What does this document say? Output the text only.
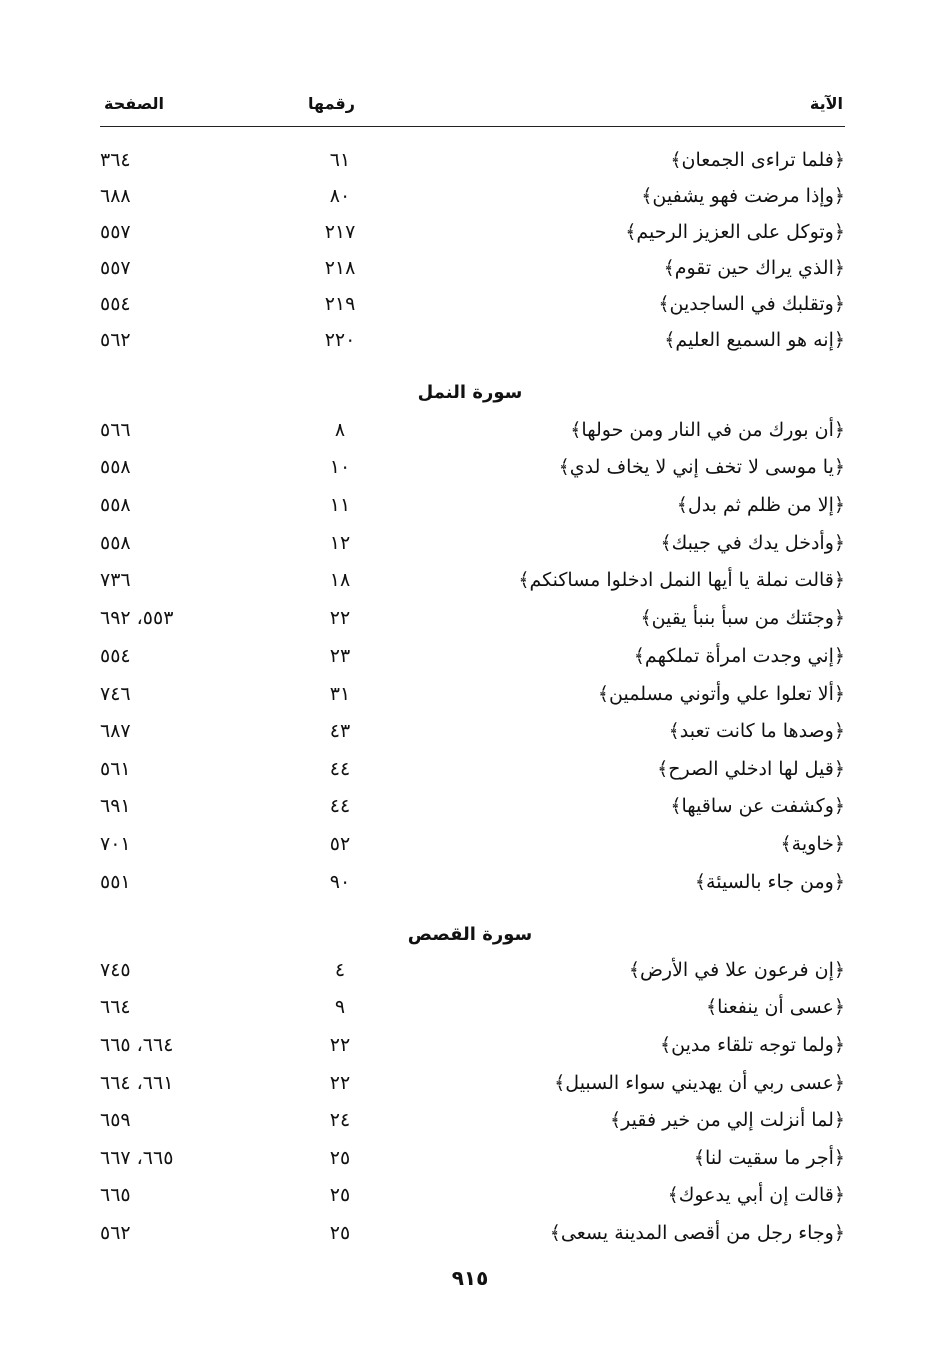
الآية
رقمها
الصفحة
﴿فلما تراءى الجمعان﴾
٦١
٣٦٤
﴿وإذا مرضت فهو يشفين﴾
٨٠
٦٨٨
﴿وتوكل على العزيز الرحيم﴾
٢١٧
٥٥٧
﴿الذي يراك حين تقوم﴾
٢١٨
٥٥٧
﴿وتقلبك في الساجدين﴾
٢١٩
٥٥٤
﴿إنه هو السميع العليم﴾
٢٢٠
٥٦٢
سورة النمل
﴿أن بورك من في النار ومن حولها﴾
٨
٥٦٦
﴿يا موسى لا تخف إني لا يخاف لدي﴾
١٠
٥٥٨
﴿إلا من ظلم ثم بدل﴾
١١
٥٥٨
﴿وأدخل يدك في جيبك﴾
١٢
٥٥٨
﴿قالت نملة يا أيها النمل ادخلوا مساكنكم﴾
١٨
٧٣٦
﴿وجئتك من سبأ بنبأ يقين﴾
٢٢
٥٥٣، ٦٩٢
﴿إني وجدت امرأة تملكهم﴾
٢٣
٥٥٤
﴿ألا تعلوا علي وأتوني مسلمين﴾
٣١
٧٤٦
﴿وصدها ما كانت تعبد﴾
٤٣
٦٨٧
﴿قيل لها ادخلي الصرح﴾
٤٤
٥٦١
﴿وكشفت عن ساقيها﴾
٤٤
٦٩١
﴿خاوية﴾
٥٢
٧٠١
﴿ومن جاء بالسيئة﴾
٩٠
٥٥١
سورة القصص
﴿إن فرعون علا في الأرض﴾
٤
٧٤٥
﴿عسى أن ينفعنا﴾
٩
٦٦٤
﴿ولما توجه تلقاء مدين﴾
٢٢
٦٦٤، ٦٦٥
﴿عسى ربي أن يهديني سواء السبيل﴾
٢٢
٦٦١، ٦٦٤
﴿لما أنزلت إلي من خير فقير﴾
٢٤
٦٥٩
﴿أجر ما سقيت لنا﴾
٢٥
٦٦٥، ٦٦٧
﴿قالت إن أبي يدعوك﴾
٢٥
٦٦٥
﴿وجاء رجل من أقصى المدينة يسعى﴾
٢٥
٥٦٢
٩١٥
